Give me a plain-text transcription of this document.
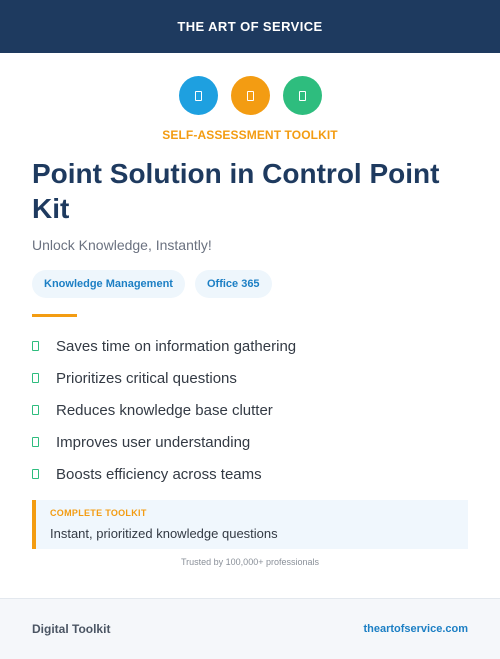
THE ART OF SERVICE
SELF-ASSESSMENT TOOLKIT
Point Solution in Control Point Kit

Unlock Knowledge, Instantly!

Knowledge Management	Office 365
Saves time on information gathering
Prioritizes critical questions
Reduces knowledge base clutter
Improves user understanding
Boosts efficiency across teams
COMPLETE TOOLKIT
Instant, prioritized knowledge questions
Trusted by 100,000+ professionals
Digital Toolkit	theartofservice.com
